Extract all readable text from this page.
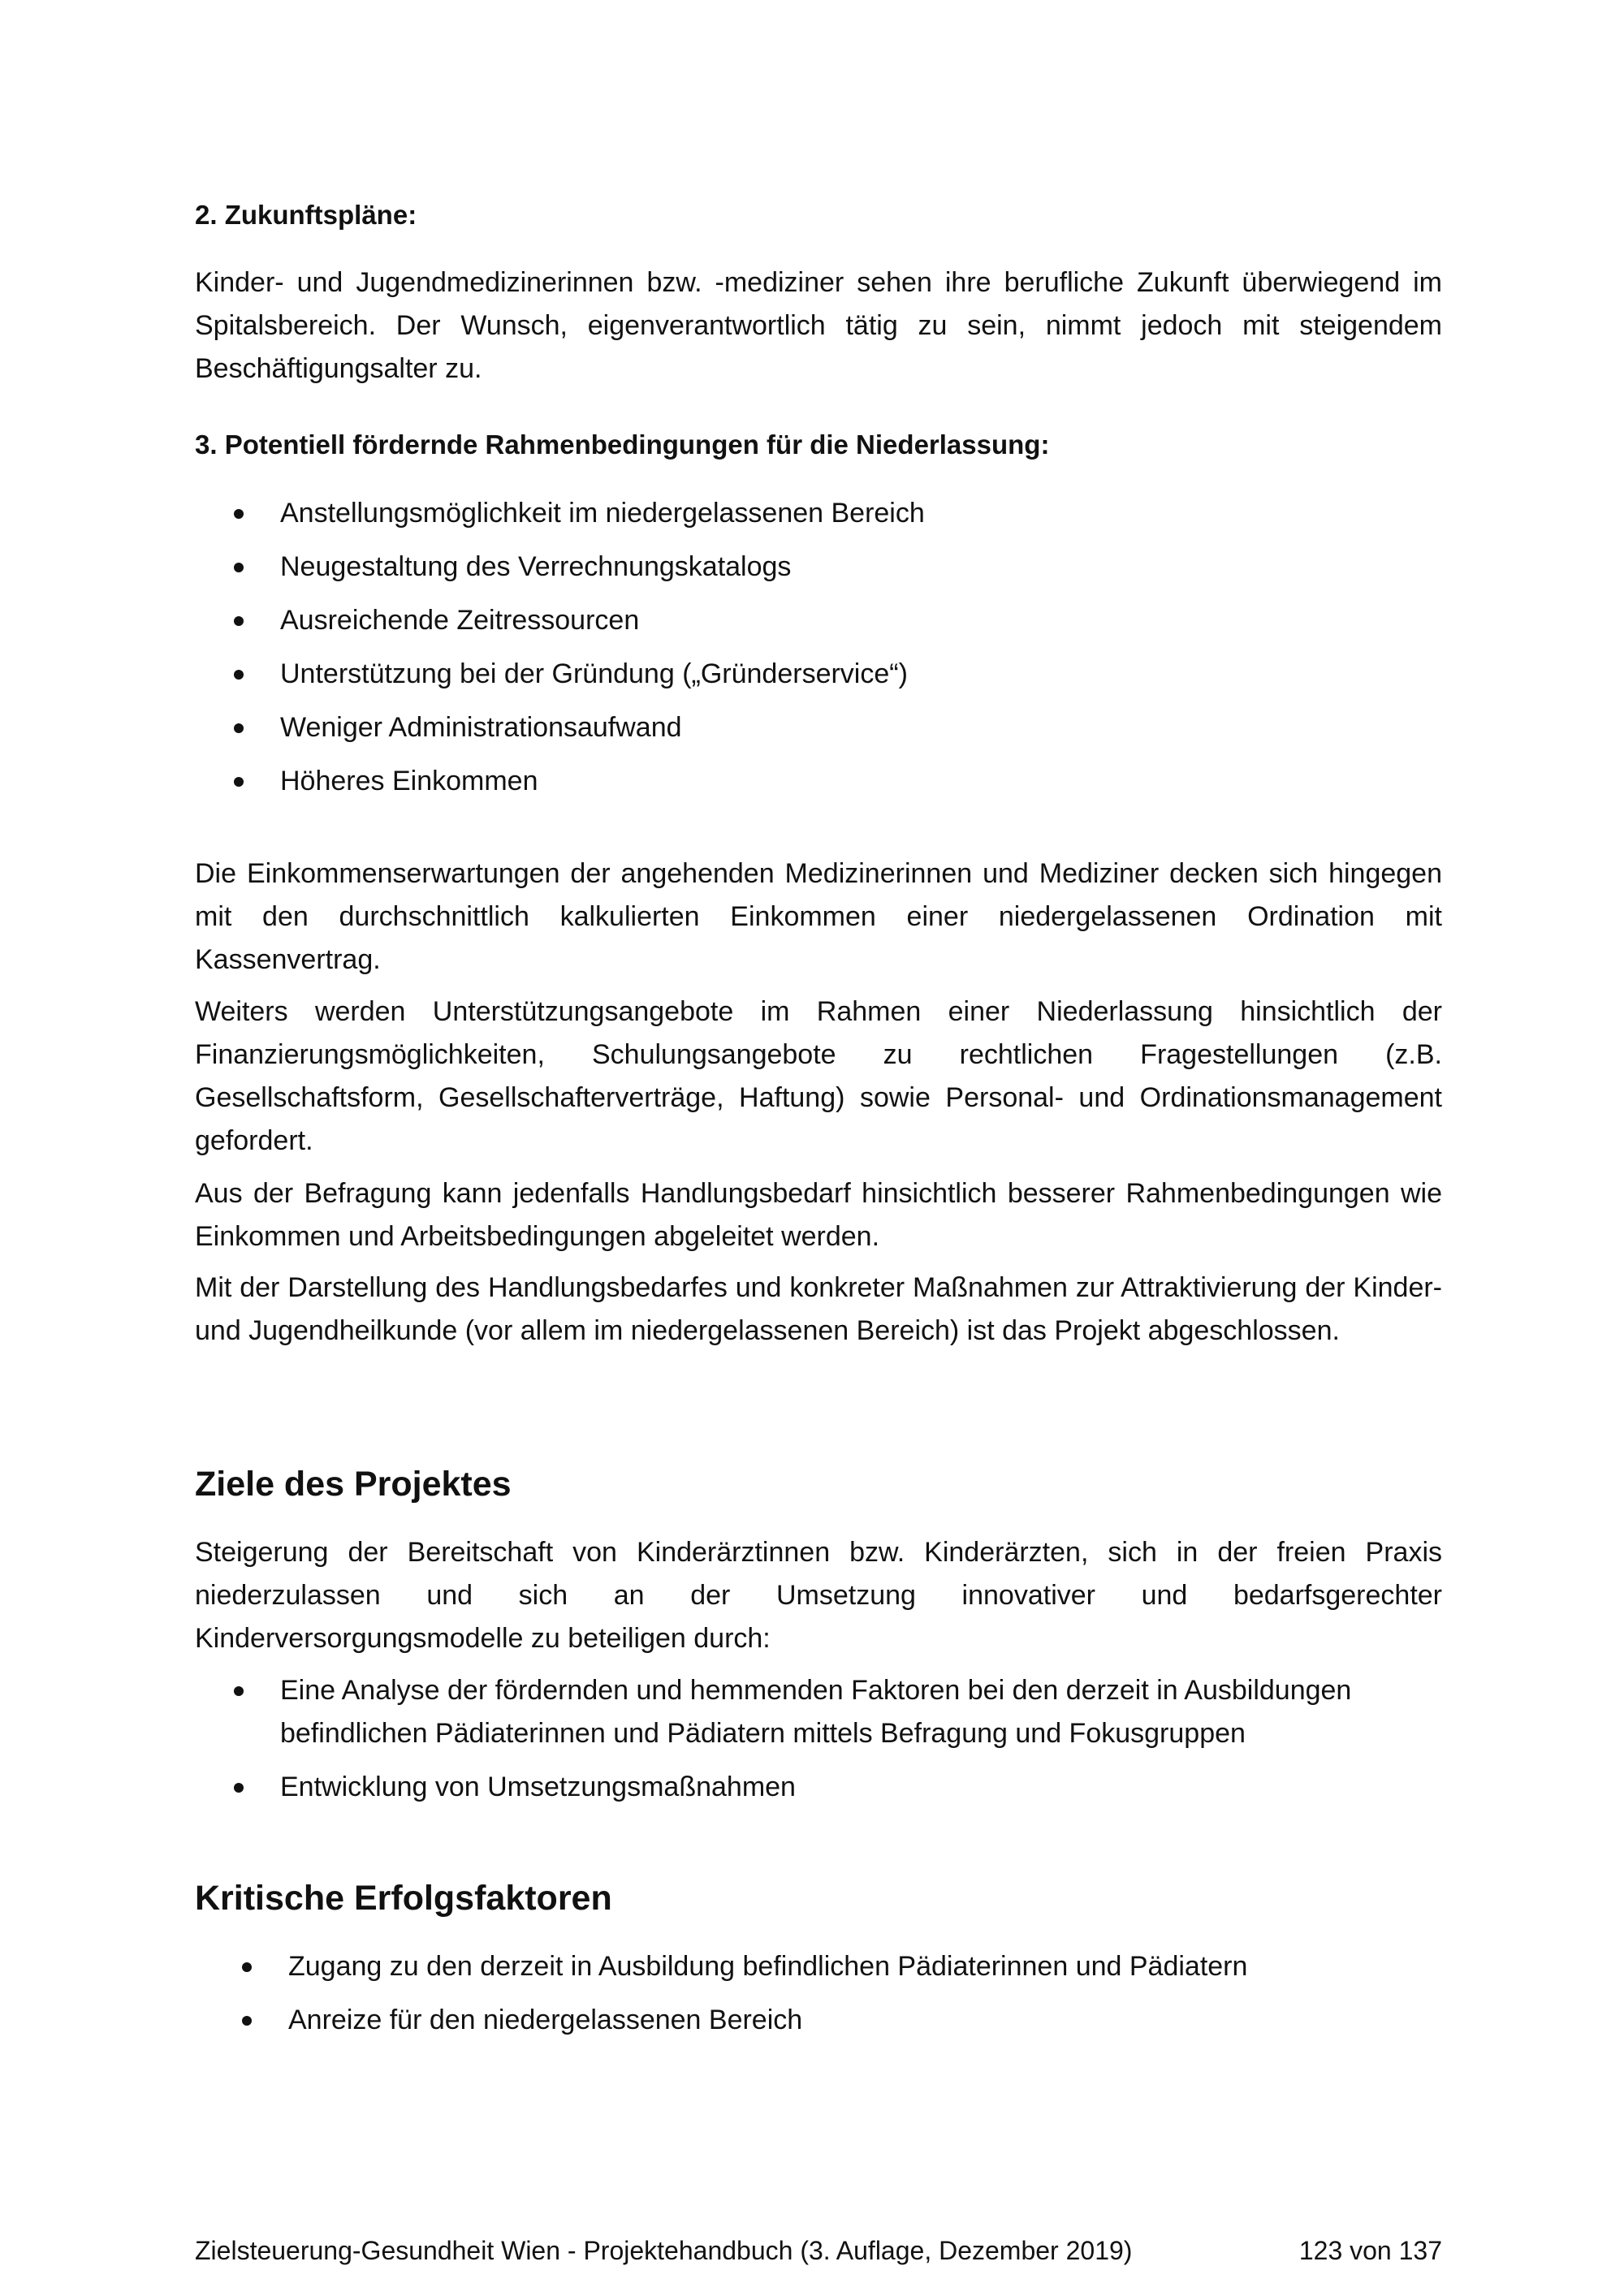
2. Zukunftspläne:

Kinder- und Jugendmedizinerinnen bzw. -mediziner sehen ihre berufliche Zukunft überwiegend im Spitalsbereich. Der Wunsch, eigenverantwortlich tätig zu sein, nimmt jedoch mit steigendem Beschäftigungsalter zu.

3. Potentiell fördernde Rahmenbedingungen für die Niederlassung:

Anstellungsmöglichkeit im niedergelassenen Bereich
Neugestaltung des Verrechnungskatalogs
Ausreichende Zeitressourcen
Unterstützung bei der Gründung („Gründerservice“)
Weniger Administrationsaufwand
Höheres Einkommen

Die Einkommenserwartungen der angehenden Medizinerinnen und Mediziner decken sich hingegen mit den durchschnittlich kalkulierten Einkommen einer niedergelassenen Ordination mit Kassenvertrag.

Weiters werden Unterstützungsangebote im Rahmen einer Niederlassung hinsichtlich der Finanzierungsmöglichkeiten, Schulungsangebote zu rechtlichen Fragestellungen (z.B. Gesellschaftsform, Gesellschafterverträge, Haftung) sowie Personal- und Ordinationsmanagement gefordert.

Aus der Befragung kann jedenfalls Handlungsbedarf hinsichtlich besserer Rahmenbedingungen wie Einkommen und Arbeitsbedingungen abgeleitet werden.

Mit der Darstellung des Handlungsbedarfes und konkreter Maßnahmen zur Attraktivierung der Kinder- und Jugendheilkunde (vor allem im niedergelassenen Bereich) ist das Projekt abgeschlossen.

Ziele des Projektes

Steigerung der Bereitschaft von Kinderärztinnen bzw. Kinderärzten, sich in der freien Praxis niederzulassen und sich an der Umsetzung innovativer und bedarfsgerechter Kinderversorgungsmodelle zu beteiligen durch:

Eine Analyse der fördernden und hemmenden Faktoren bei den derzeit in Ausbildungen befindlichen Pädiaterinnen und Pädiatern mittels Befragung und Fokusgruppen
Entwicklung von Umsetzungsmaßnahmen
Kritische Erfolgsfaktoren
Zugang zu den derzeit in Ausbildung befindlichen Pädiaterinnen und Pädiatern
Anreize für den niedergelassenen Bereich
Zielsteuerung-Gesundheit Wien - Projektehandbuch (3. Auflage, Dezember 2019)	123 von 137
